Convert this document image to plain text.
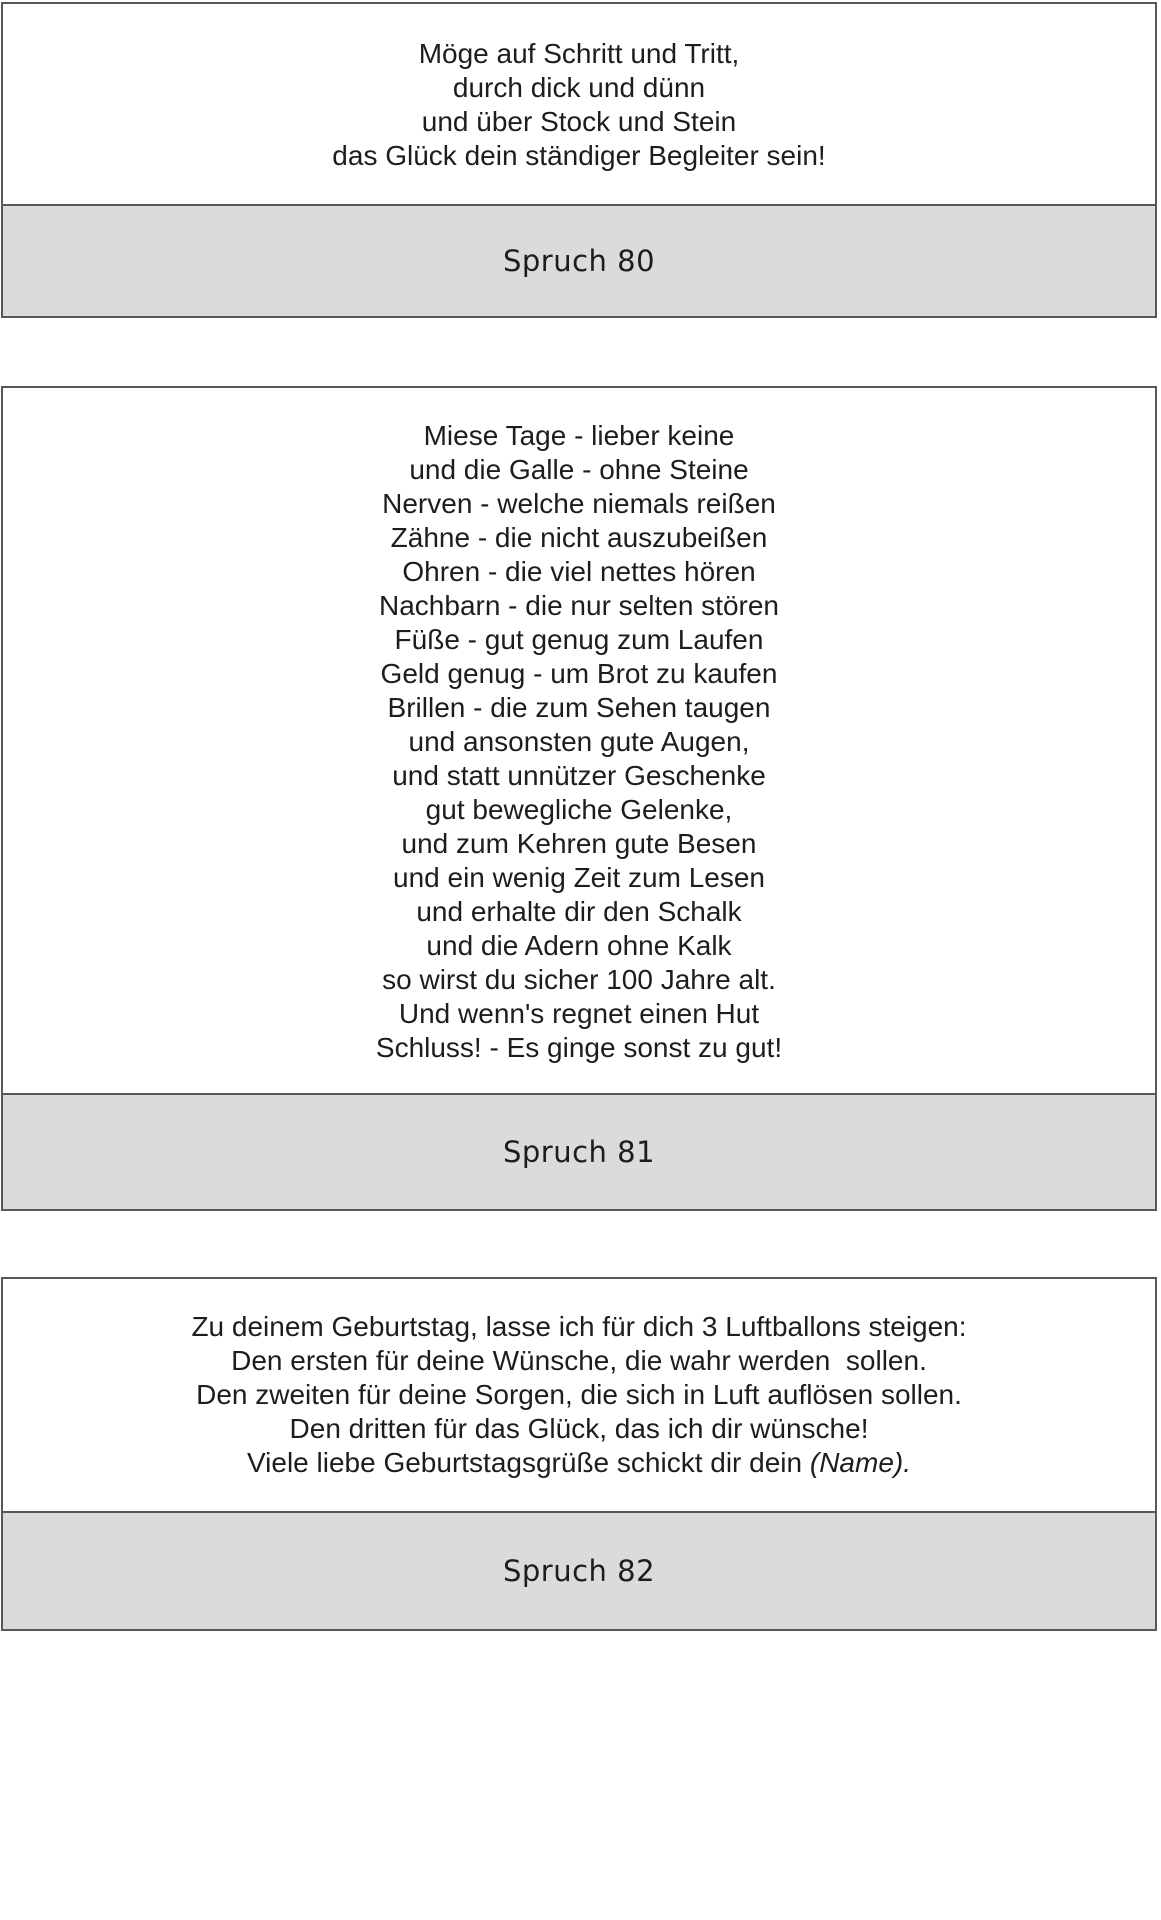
Möge auf Schritt und Tritt,
durch dick und dünn
und über Stock und Stein
das Glück dein ständiger Begleiter sein!
Spruch 80
Miese Tage - lieber keine
und die Galle - ohne Steine
Nerven - welche niemals reißen
Zähne - die nicht auszubeißen
Ohren - die viel nettes hören
Nachbarn - die nur selten stören
Füße - gut genug zum Laufen
Geld genug - um Brot zu kaufen
Brillen - die zum Sehen taugen
und ansonsten gute Augen,
und statt unnützer Geschenke
gut bewegliche Gelenke,
und zum Kehren gute Besen
und ein wenig Zeit zum Lesen
und erhalte dir den Schalk
und die Adern ohne Kalk
so wirst du sicher 100 Jahre alt.
Und wenn's regnet einen Hut
Schluss! - Es ginge sonst zu gut!
Spruch 81
Zu deinem Geburtstag, lasse ich für dich 3 Luftballons steigen:
Den ersten für deine Wünsche, die wahr werden  sollen.
Den zweiten für deine Sorgen, die sich in Luft auflösen sollen.
Den dritten für das Glück, das ich dir wünsche!
Viele liebe Geburtstagsgrüße schickt dir dein (Name).
Spruch 82
